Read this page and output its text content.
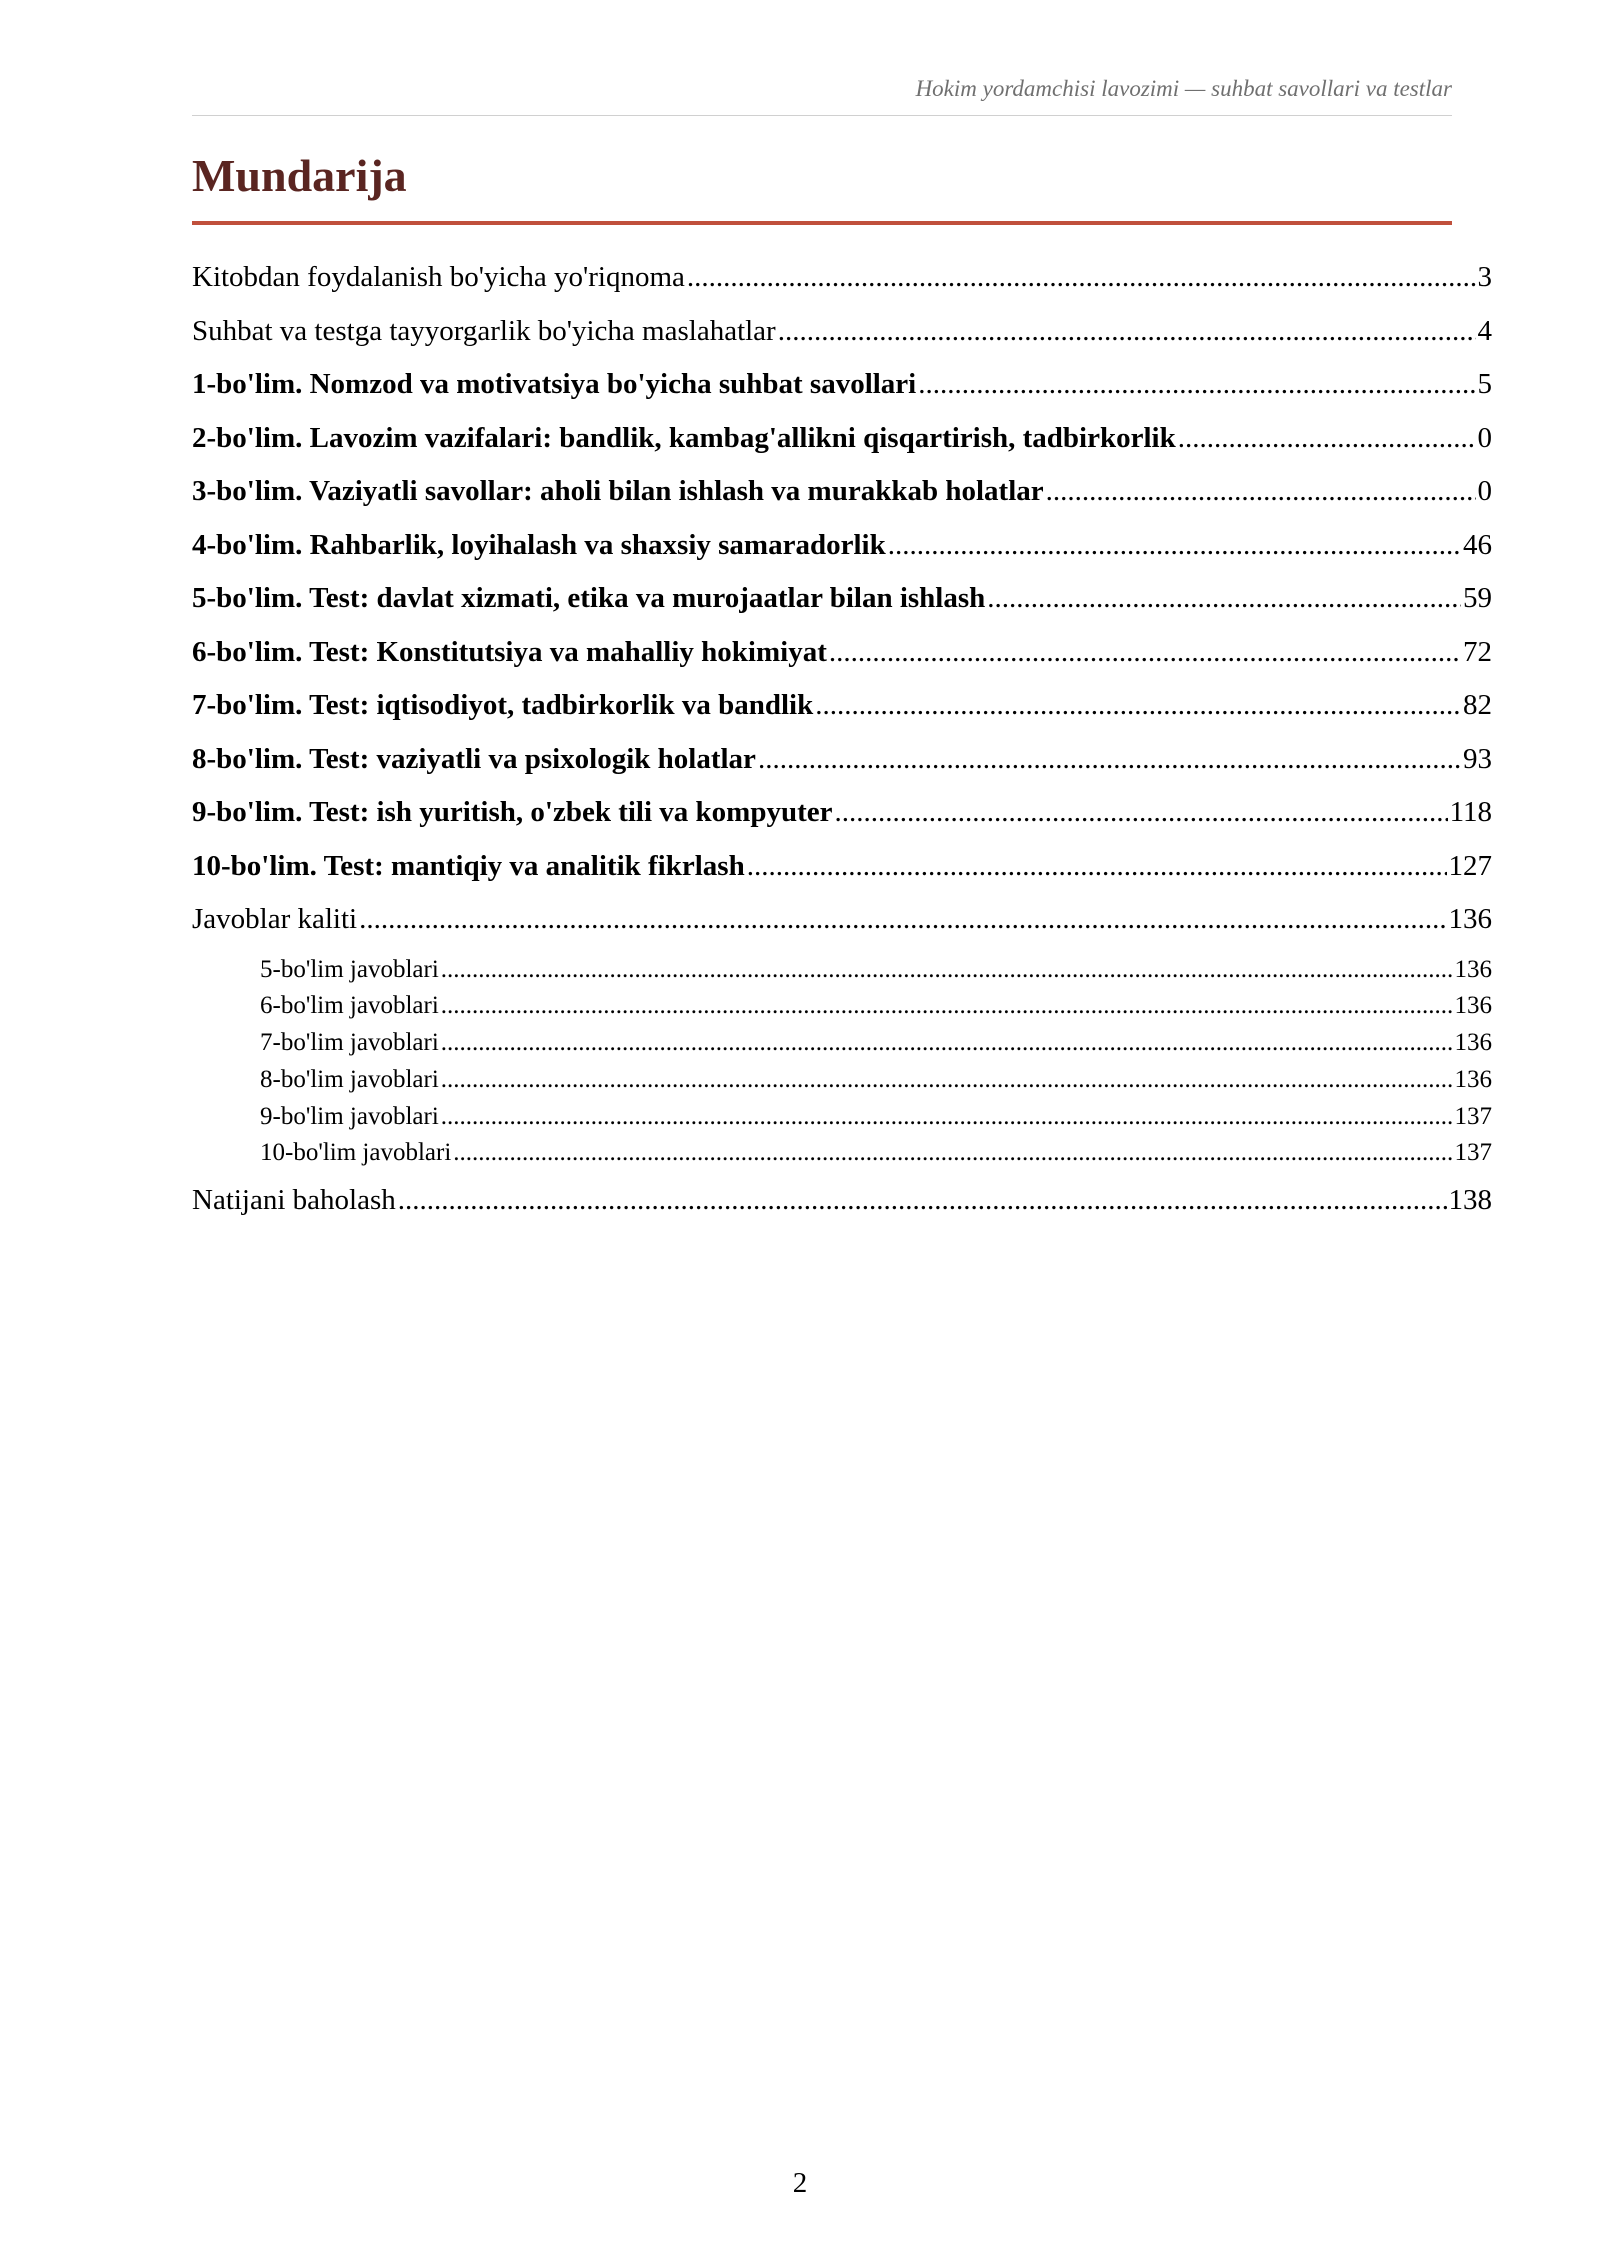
Hokim yordamchisi lavozimi — suhbat savollari va testlar
Mundarija
Kitobdan foydalanish bo'yicha yo'riqnoma .....	3
Suhbat va testga tayyorgarlik bo'yicha maslahatlar .....	4
1-bo'lim. Nomzod va motivatsiya bo'yicha suhbat savollari .....	5
2-bo'lim. Lavozim vazifalari: bandlik, kambag'allikni qisqartirish, tadbirkorlik .....	0
3-bo'lim. Vaziyatli savollar: aholi bilan ishlash va murakkab holatlar .....	0
4-bo'lim. Rahbarlik, loyihalash va shaxsiy samaradorlik .....	46
5-bo'lim. Test: davlat xizmati, etika va murojaatlar bilan ishlash .....	59
6-bo'lim. Test: Konstitutsiya va mahalliy hokimiyat .....	72
7-bo'lim. Test: iqtisodiyot, tadbirkorlik va bandlik .....	82
8-bo'lim. Test: vaziyatli va psixologik holatlar .....	93
9-bo'lim. Test: ish yuritish, o'zbek tili va kompyuter .....	118
10-bo'lim. Test: mantiqiy va analitik fikrlash .....	127
Javoblar kaliti .....	136
5-bo'lim javoblari .....	136
6-bo'lim javoblari .....	136
7-bo'lim javoblari .....	136
8-bo'lim javoblari .....	136
9-bo'lim javoblari .....	137
10-bo'lim javoblari .....	137
Natijani baholash .....	138
2
